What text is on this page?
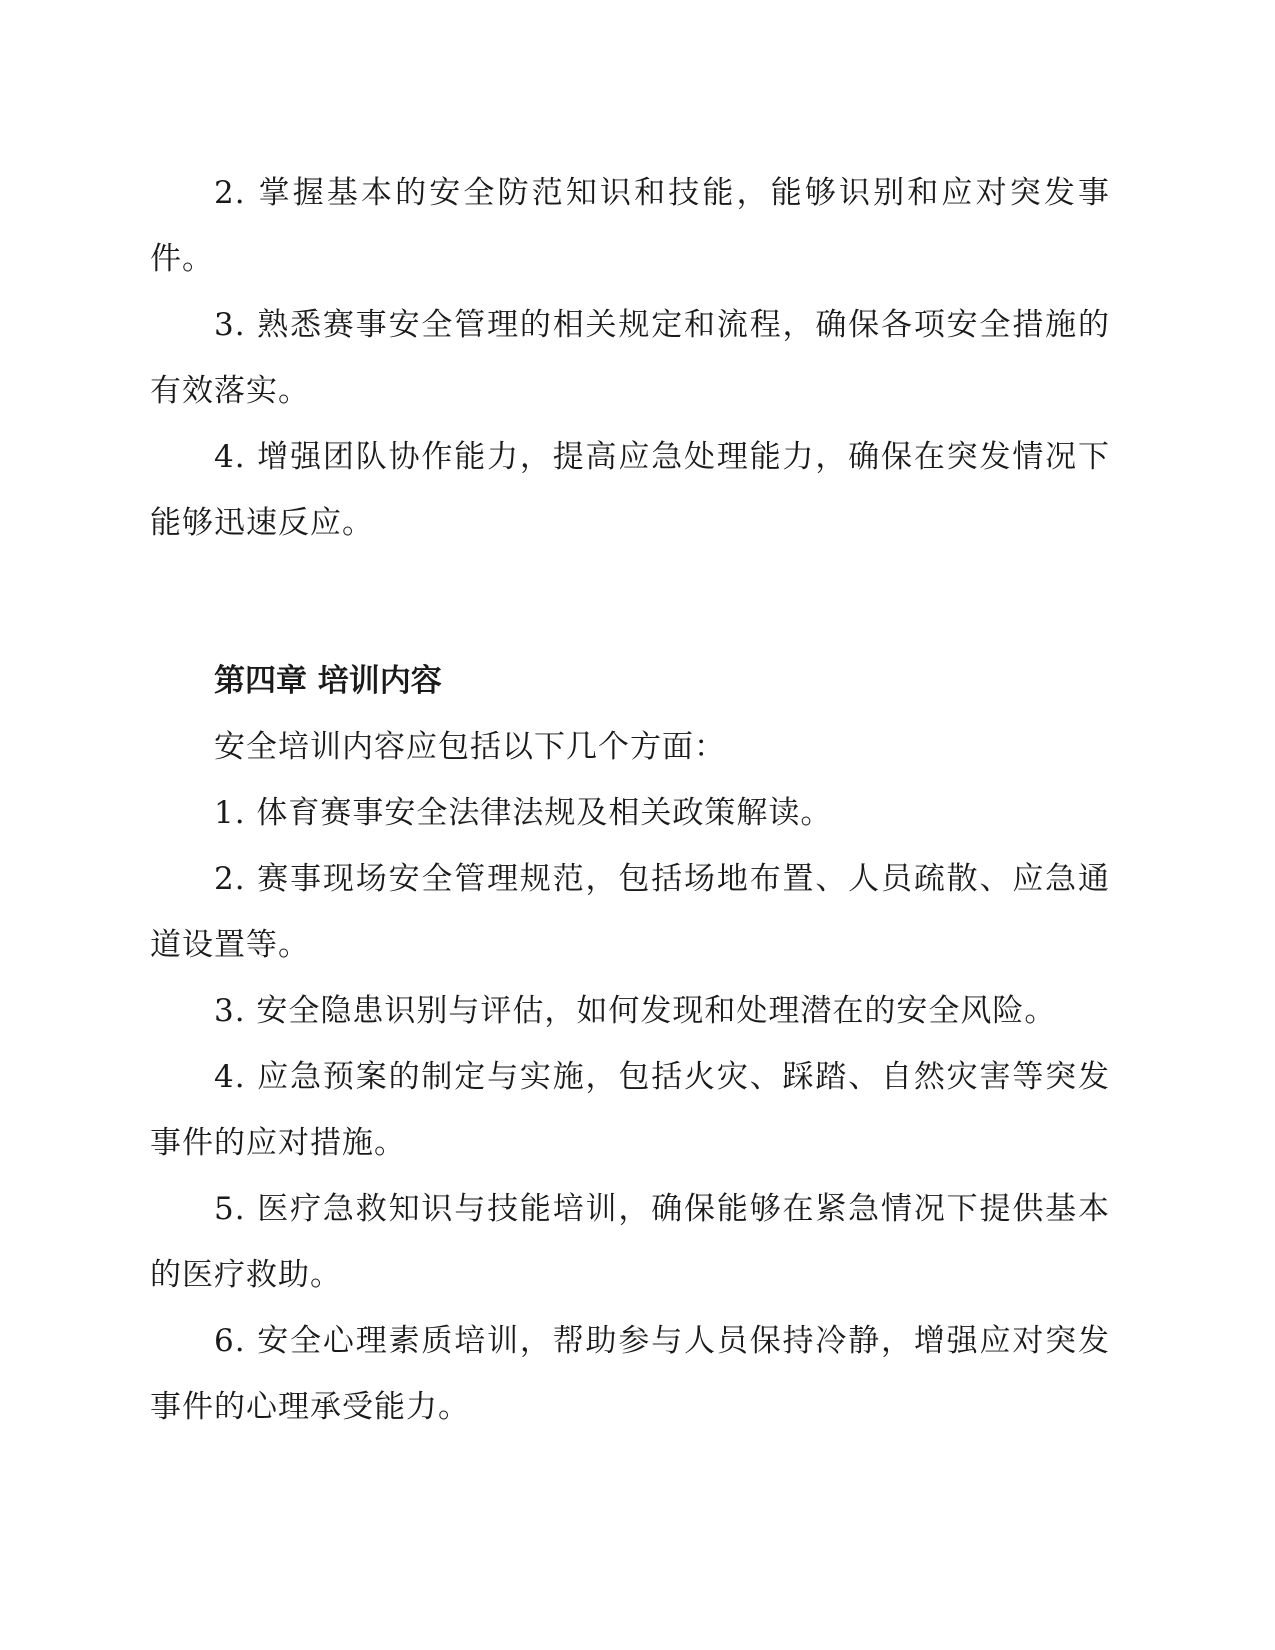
2. 掌握基本的安全防范知识和技能，能够识别和应对突发事件。

3. 熟悉赛事安全管理的相关规定和流程，确保各项安全措施的有效落实。

4. 增强团队协作能力，提高应急处理能力，确保在突发情况下能够迅速反应。

第四章 培训内容

安全培训内容应包括以下几个方面：

1. 体育赛事安全法律法规及相关政策解读。

2. 赛事现场安全管理规范，包括场地布置、人员疏散、应急通道设置等。

3. 安全隐患识别与评估，如何发现和处理潜在的安全风险。

4. 应急预案的制定与实施，包括火灾、踩踏、自然灾害等突发事件的应对措施。

5. 医疗急救知识与技能培训，确保能够在紧急情况下提供基本的医疗救助。

6. 安全心理素质培训，帮助参与人员保持冷静，增强应对突发事件的心理承受能力。
